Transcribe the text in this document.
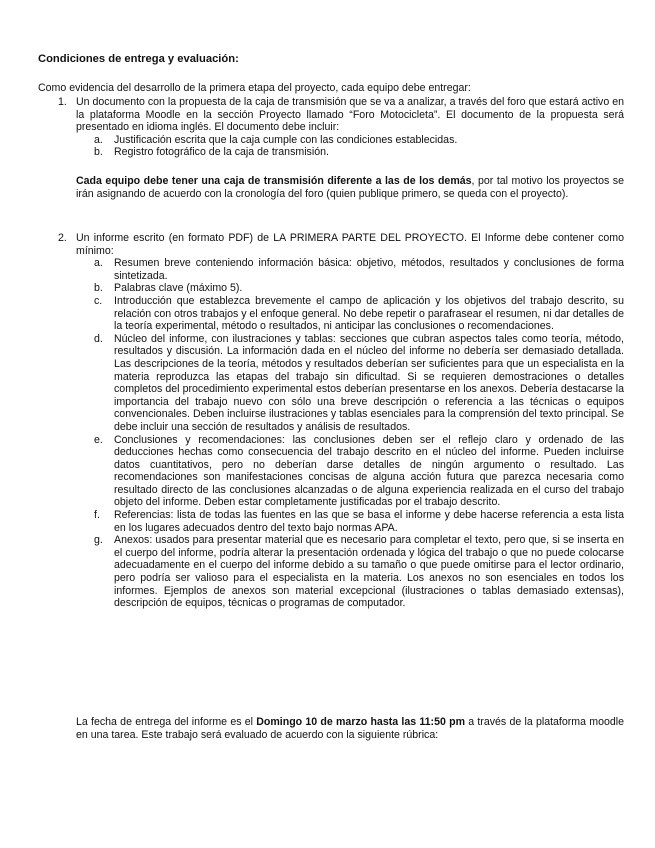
Condiciones de entrega y evaluación:
Como evidencia del desarrollo de la primera etapa del proyecto, cada equipo debe entregar:
1. Un documento con la propuesta de la caja de transmisión que se va a analizar, a través del foro que estará activo en la plataforma Moodle en la sección Proyecto llamado “Foro Motocicleta”. El documento de la propuesta será presentado en idioma inglés. El documento debe incluir:
a.	Justificación escrita que la caja cumple con las condiciones establecidas.
b.	Registro fotográfico de la caja de transmisión.
Cada equipo debe tener una caja de transmisión diferente a las de los demás, por tal motivo los proyectos se irán asignando de acuerdo con la cronología del foro (quien publique primero, se queda con el proyecto).
2. Un informe escrito (en formato PDF) de LA PRIMERA PARTE DEL PROYECTO. El Informe debe contener como mínimo:
a.	Resumen breve conteniendo información básica: objetivo, métodos, resultados y conclusiones de forma sintetizada.
b.	Palabras clave (máximo 5).
c.	Introducción que establezca brevemente el campo de aplicación y los objetivos del trabajo descrito, su relación con otros trabajos y el enfoque general. No debe repetir o parafrasear el resumen, ni dar detalles de la teoría experimental, método o resultados, ni anticipar las conclusiones o recomendaciones.
d.	Núcleo del informe, con ilustraciones y tablas: secciones que cubran aspectos tales como teoría, método, resultados y discusión. La información dada en el núcleo del informe no debería ser demasiado detallada. Las descripciones de la teoría, métodos y resultados deberían ser suficientes para que un especialista en la materia reproduzca las etapas del trabajo sin dificultad. Si se requieren demostraciones o detalles completos del procedimiento experimental estos deberían presentarse en los anexos. Debería destacarse la importancia del trabajo nuevo con sólo una breve descripción o referencia a las técnicas o equipos convencionales. Deben incluirse ilustraciones y tablas esenciales para la comprensión del texto principal. Se debe incluir una sección de resultados y análisis de resultados.
e.	Conclusiones y recomendaciones: las conclusiones deben ser el reflejo claro y ordenado de las deducciones hechas como consecuencia del trabajo descrito en el núcleo del informe. Pueden incluirse datos cuantitativos, pero no deberían darse detalles de ningún argumento o resultado. Las recomendaciones son manifestaciones concisas de alguna acción futura que parezca necesaria como resultado directo de las conclusiones alcanzadas o de alguna experiencia realizada en el curso del trabajo objeto del informe. Deben estar completamente justificadas por el trabajo descrito.
f.	Referencias: lista de todas las fuentes en las que se basa el informe y debe hacerse referencia a esta lista en los lugares adecuados dentro del texto bajo normas APA.
g.	Anexos: usados para presentar material que es necesario para completar el texto, pero que, si se inserta en el cuerpo del informe, podría alterar la presentación ordenada y lógica del trabajo o que no puede colocarse adecuadamente en el cuerpo del informe debido a su tamaño o que puede omitirse para el lector ordinario, pero podría ser valioso para el especialista en la materia. Los anexos no son esenciales en todos los informes. Ejemplos de anexos son material excepcional (ilustraciones o tablas demasiado extensas), descripción de equipos, técnicas o programas de computador.
La fecha de entrega del informe es el Domingo 10 de marzo hasta las 11:50 pm a través de la plataforma moodle en una tarea. Este trabajo será evaluado de acuerdo con la siguiente rúbrica:
